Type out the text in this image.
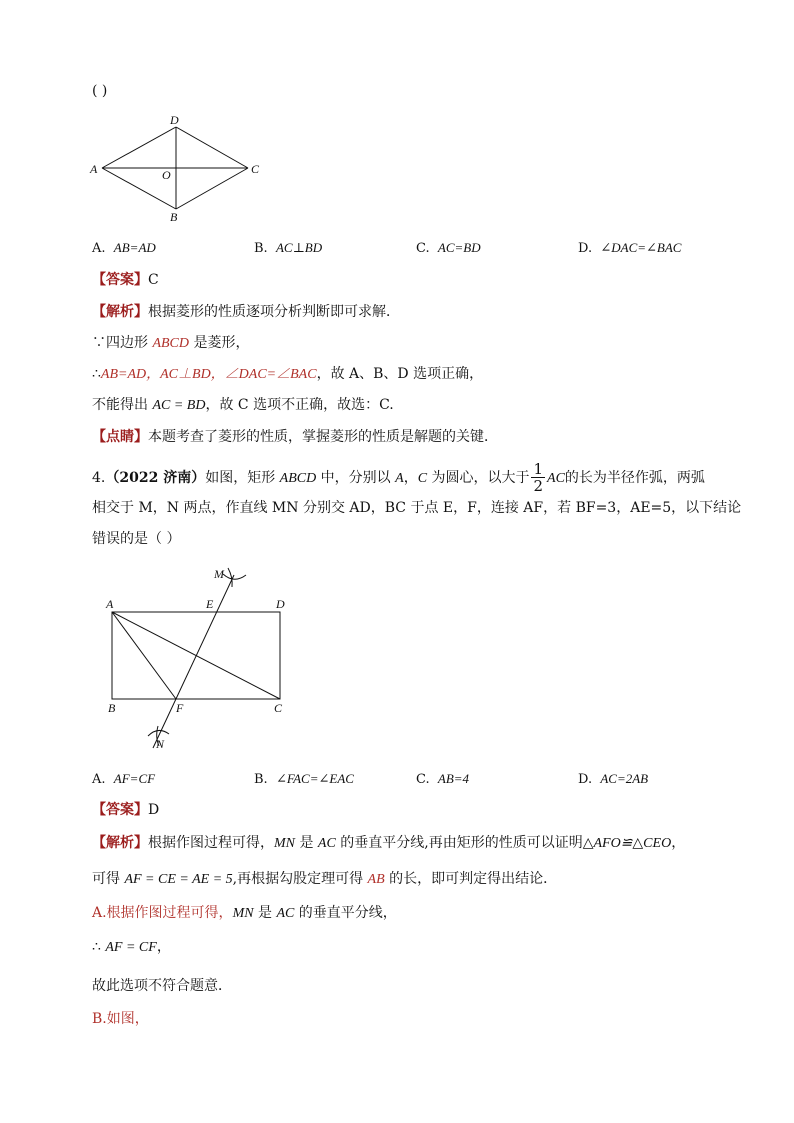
( )
D
A	C
O
B
A. AB=AD	B. AC⊥BD	C. AC=BD	D. ∠DAC=∠BAC
【答案】C
【解析】根据菱形的性质逐项分析判断即可求解．
∵四边形 ABCD 是菱形，
∴AB=AD，AC⊥BD，∠DAC=∠BAC，故 A、B、D 选项正确，
不能得出 AC = BD，故 C 选项不正确，故选：C.
【点睛】本题考查了菱形的性质，掌握菱形的性质是解题的关键．
4.（2022 济南）如图，矩形 ABCD 中，分别以 A，C 为圆心，以大于 $\frac{1}{2}$ AC的长为半径作弧，两弧
相交于 M，N 两点，作直线 MN 分别交 AD，BC 于点 E，F，连接 AF，若 BF=3，AE=5，以下结论
错误的是（ ）
M
A	E	D
B	F	C
N
A. AF=CF	B. ∠FAC=∠EAC	C. AB=4	D. AC=2AB
【答案】D
【解析】根据作图过程可得，MN 是 AC 的垂直平分线,再由矩形的性质可以证明△AFO≌△CEO，
可得 AF = CE = AE = 5,再根据勾股定理可得 AB 的长，即可判定得出结论．
A.根据作图过程可得，MN 是 AC 的垂直平分线，
∴ AF = CF，
故此选项不符合题意．
B.如图，
